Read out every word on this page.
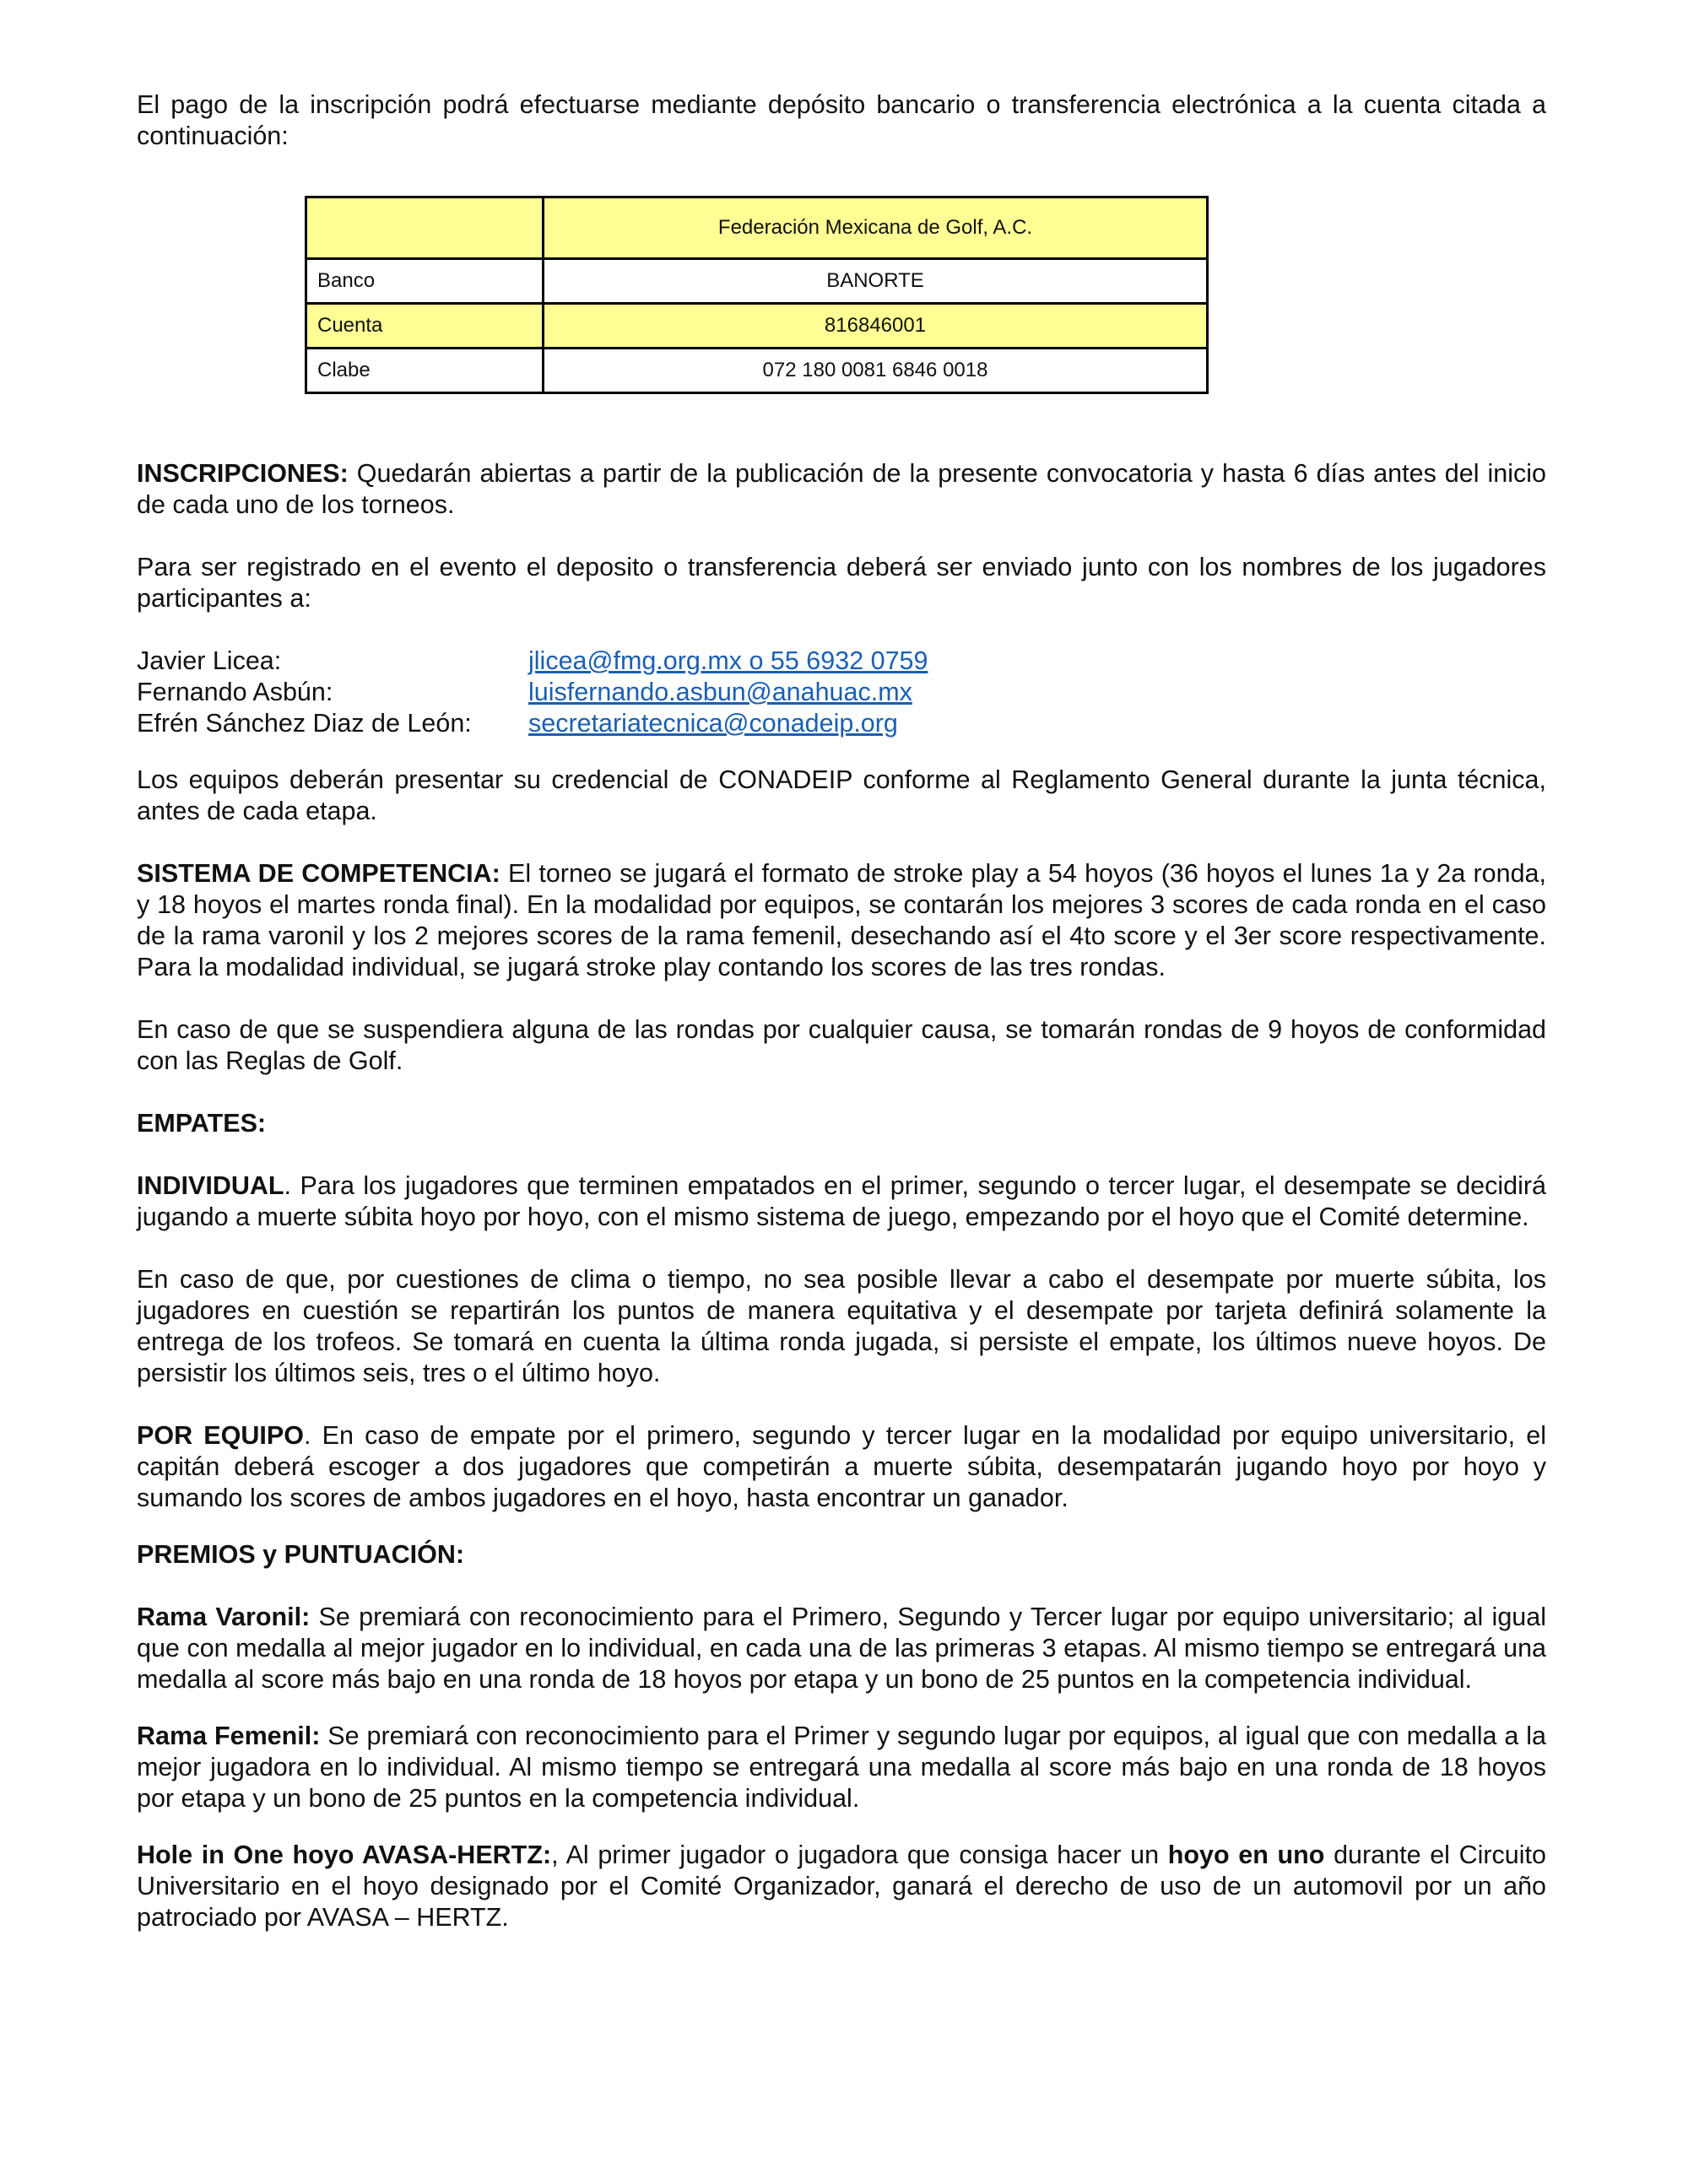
El pago de la inscripción podrá efectuarse mediante depósito bancario o transferencia electrónica a la cuenta citada a continuación:

	Federación Mexicana de Golf, A.C.
Banco	BANORTE
Cuenta	816846001
Clabe	072 180 0081 6846 0018

INSCRIPCIONES: Quedarán abiertas a partir de la publicación de la presente convocatoria y hasta 6 días antes del inicio de cada uno de los torneos.

Para ser registrado en el evento el deposito o transferencia deberá ser enviado junto con los nombres de los jugadores participantes a:

Javier Licea:	jlicea@fmg.org.mx o 55 6932 0759
Fernando Asbún:	luisfernando.asbun@anahuac.mx
Efrén Sánchez Diaz de León:	secretariatecnica@conadeip.org

Los equipos deberán presentar su credencial de CONADEIP conforme al Reglamento General durante la junta técnica, antes de cada etapa.

SISTEMA DE COMPETENCIA: El torneo se jugará el formato de stroke play a 54 hoyos (36 hoyos el lunes 1a y 2a ronda, y 18 hoyos el martes ronda final). En la modalidad por equipos, se contarán los mejores 3 scores de cada ronda en el caso de la rama varonil y los 2 mejores scores de la rama femenil, desechando así el 4to score y el 3er score respectivamente. Para la modalidad individual, se jugará stroke play contando los scores de las tres rondas.

En caso de que se suspendiera alguna de las rondas por cualquier causa, se tomarán rondas de 9 hoyos de conformidad con las Reglas de Golf.

EMPATES:

INDIVIDUAL. Para los jugadores que terminen empatados en el primer, segundo o tercer lugar, el desempate se decidirá jugando a muerte súbita hoyo por hoyo, con el mismo sistema de juego, empezando por el hoyo que el Comité determine.

En caso de que, por cuestiones de clima o tiempo, no sea posible llevar a cabo el desempate por muerte súbita, los jugadores en cuestión se repartirán los puntos de manera equitativa y el desempate por tarjeta definirá solamente la entrega de los trofeos. Se tomará en cuenta la última ronda jugada, si persiste el empate, los últimos nueve hoyos. De persistir los últimos seis, tres o el último hoyo.

POR EQUIPO. En caso de empate por el primero, segundo y tercer lugar en la modalidad por equipo universitario, el capitán deberá escoger a dos jugadores que competirán a muerte súbita, desempatarán jugando hoyo por hoyo y sumando los scores de ambos jugadores en el hoyo, hasta encontrar un ganador.

PREMIOS y PUNTUACIÓN:

Rama Varonil: Se premiará con reconocimiento para el Primero, Segundo y Tercer lugar por equipo universitario; al igual que con medalla al mejor jugador en lo individual, en cada una de las primeras 3 etapas. Al mismo tiempo se entregará una medalla al score más bajo en una ronda de 18 hoyos por etapa y un bono de 25 puntos en la competencia individual.

Rama Femenil: Se premiará con reconocimiento para el Primer y segundo lugar por equipos, al igual que con medalla a la mejor jugadora en lo individual. Al mismo tiempo se entregará una medalla al score más bajo en una ronda de 18 hoyos por etapa y un bono de 25 puntos en la competencia individual.

Hole in One hoyo AVASA-HERTZ:, Al primer jugador o jugadora que consiga hacer un hoyo en uno durante el Circuito Universitario en el hoyo designado por el Comité Organizador, ganará el derecho de uso de un automovil por un año patrociado por AVASA – HERTZ.
